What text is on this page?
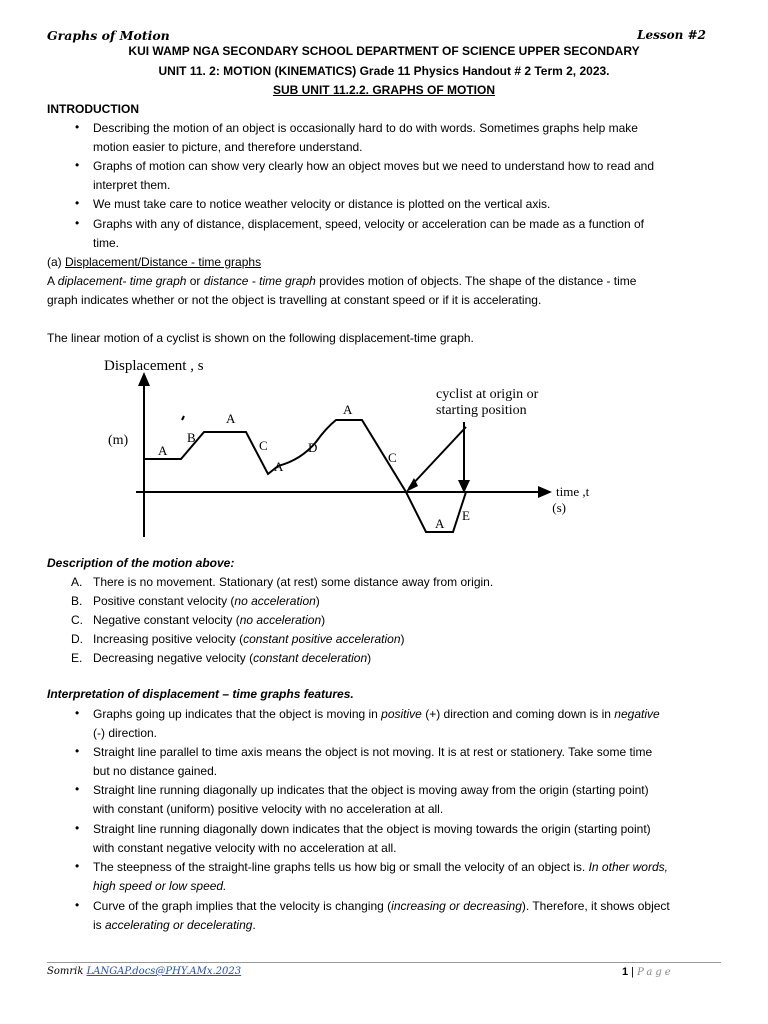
Graphs of Motion	Lesson #2
KUI WAMP NGA SECONDARY SCHOOL DEPARTMENT OF SCIENCE UPPER SECONDARY
UNIT 11. 2: MOTION (KINEMATICS) Grade 11 Physics Handout # 2 Term 2, 2023.
SUB UNIT 11.2.2. GRAPHS OF MOTION
INTRODUCTION
• Describing the motion of an object is occasionally hard to do with words. Sometimes graphs help make
motion easier to picture, and therefore understand.
• Graphs of motion can show very clearly how an object moves but we need to understand how to read and
interpret them.
• We must take care to notice weather velocity or distance is plotted on the vertical axis.
• Graphs with any of distance, displacement, speed, velocity or acceleration can be made as a function of
time.
(a) Displacement/Distance - time graphs
A diplacement- time graph or distance - time graph provides motion of objects. The shape of the distance - time
graph indicates whether or not the object is travelling at constant speed or if it is accelerating.
The linear motion of a cyclist is shown on the following displacement-time graph.
Displacement , s
(m)
time ,t
(s)
cyclist at origin or
starting position
A
B
A
C
A
D
A
C
A
E
Description of the motion above:
A. There is no movement. Stationary (at rest) some distance away from origin.
B. Positive constant velocity (no acceleration)
C. Negative constant velocity (no acceleration)
D. Increasing positive velocity (constant positive acceleration)
E. Decreasing negative velocity (constant deceleration)
Interpretation of displacement – time graphs features.
• Graphs going up indicates that the object is moving in positive (+) direction and coming down is in negative
(-) direction.
• Straight line parallel to time axis means the object is not moving. It is at rest or stationery. Take some time
but no distance gained.
• Straight line running diagonally up indicates that the object is moving away from the origin (starting point)
with constant (uniform) positive velocity with no acceleration at all.
• Straight line running diagonally down indicates that the object is moving towards the origin (starting point)
with constant negative velocity with no acceleration at all.
• The steepness of the straight-line graphs tells us how big or small the velocity of an object is. In other words,
high speed or low speed.
• Curve of the graph implies that the velocity is changing (increasing or decreasing). Therefore, it shows object
is accelerating or decelerating.
Somrik LANGAP.docs@PHY.AMx.2023	1 | Page
